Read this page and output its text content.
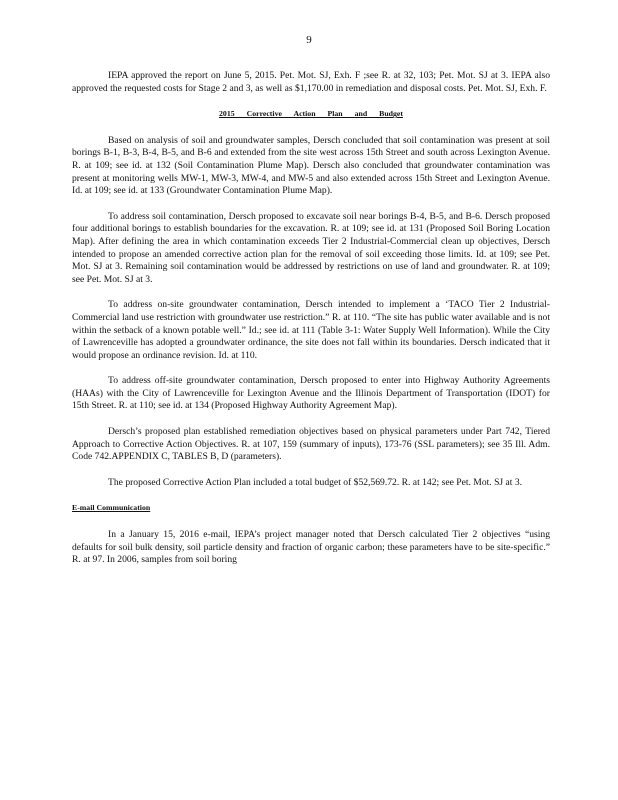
9

IEPA approved the report on June 5, 2015. Pet. Mot. SJ, Exh. F ;see R. at 32, 103; Pet. Mot. SJ at 3. IEPA also approved the requested costs for Stage 2 and 3, as well as $1,170.00 in remediation and disposal costs. Pet. Mot. SJ, Exh. F.

2015 Corrective Action Plan and Budget

Based on analysis of soil and groundwater samples, Dersch concluded that soil contamination was present at soil borings B-1, B-3, B-4, B-5, and B-6 and extended from the site west across 15th Street and south across Lexington Avenue. R. at 109; see id. at 132 (Soil Contamination Plume Map). Dersch also concluded that groundwater contamination was present at monitoring wells MW-1, MW-3, MW-4, and MW-5 and also extended across 15th Street and Lexington Avenue. Id. at 109; see id. at 133 (Groundwater Contamination Plume Map).

To address soil contamination, Dersch proposed to excavate soil near borings B-4, B-5, and B-6. Dersch proposed four additional borings to establish boundaries for the excavation. R. at 109; see id. at 131 (Proposed Soil Boring Location Map). After defining the area in which contamination exceeds Tier 2 Industrial-Commercial clean up objectives, Dersch intended to propose an amended corrective action plan for the removal of soil exceeding those limits. Id. at 109; see Pet. Mot. SJ at 3. Remaining soil contamination would be addressed by restrictions on use of land and groundwater. R. at 109; see Pet. Mot. SJ at 3.

To address on-site groundwater contamination, Dersch intended to implement a ‘TACO Tier 2 Industrial-Commercial land use restriction with groundwater use restriction.” R. at 110. “The site has public water available and is not within the setback of a known potable well.” Id.; see id. at 111 (Table 3-1: Water Supply Well Information). While the City of Lawrenceville has adopted a groundwater ordinance, the site does not fall within its boundaries. Dersch indicated that it would propose an ordinance revision. Id. at 110.

To address off-site groundwater contamination, Dersch proposed to enter into Highway Authority Agreements (HAAs) with the City of Lawrenceville for Lexington Avenue and the Illinois Department of Transportation (IDOT) for 15th Street. R. at 110; see id. at 134 (Proposed Highway Authority Agreement Map).

Dersch’s proposed plan established remediation objectives based on physical parameters under Part 742, Tiered Approach to Corrective Action Objectives. R. at 107, 159 (summary of inputs), 173-76 (SSL parameters); see 35 Ill. Adm. Code 742.APPENDIX C, TABLES B, D (parameters).

The proposed Corrective Action Plan included a total budget of $52,569.72. R. at 142; see Pet. Mot. SJ at 3.

E-mail Communication

In a January 15, 2016 e-mail, IEPA’s project manager noted that Dersch calculated Tier 2 objectives “using defaults for soil bulk density, soil particle density and fraction of organic carbon; these parameters have to be site-specific.” R. at 97. In 2006, samples from soil boring
